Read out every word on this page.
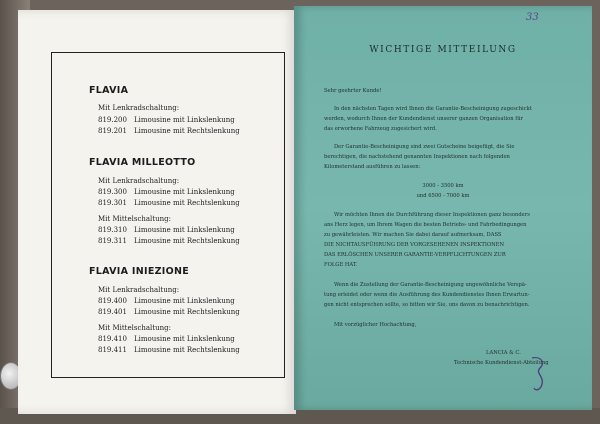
FLAVIA
Mit Lenkradschaltung:
819.200 Limousine mit Linkslenkung
819.201 Limousine mit Rechtslenkung
FLAVIA MILLEOTTO
Mit Lenkradschaltung:
819.300 Limousine mit Linkslenkung
819.301 Limousine mit Rechtslenkung
Mit Mittelschaltung:
819.310 Limousine mit Linkslenkung
819.311 Limousine mit Rechtslenkung
FLAVIA INIEZIONE
Mit Lenkradschaltung:
819.400 Limousine mit Linkslenkung
819.401 Limousine mit Rechtslenkung
Mit Mittelschaltung:
819.410 Limousine mit Linkslenkung
819.411 Limousine mit Rechtslenkung
33
WICHTIGE MITTEILUNG
Sehr geehrter Kunde!
In den nächsten Tagen wird Ihnen die Garantie-Bescheinigung zugeschickt
werden, wodurch Ihnen der Kundendienst unserer ganzen Organisation für
das erworbene Fahrzeug zugesichert wird.
Der Garantie-Bescheinigung sind zwei Gutscheine beigefügt, die Sie
berechtigen, die nachstehend genannten Inspektionen nach folgenden
Kilometerstand ausführen zu lassen:
3000 - 3500 km
und 6500 - 7000 km
Wir möchten Ihnen die Durchführung dieser Inspektionen ganz besonders
ans Herz legen, um Ihrem Wagen die besten Betriebs- und Fahrbedingungen
zu gewährleisten. Wir machen Sie dabei darauf aufmerksam, DASS
DIE NICHTAUSFÜHRUNG DER VORGESEHENEN INSPEKTIONEN
DAS ERLÖSCHEN UNSERER GARANTIE-VERPFLICHTUNGEN ZUR
FOLGE HAT.
Wenn die Zustellung der Garantie-Bescheinigung ungewöhnliche Verspä-
tung erleidet oder wenn die Ausführung des Kundendienstes Ihnen Erwartun-
gen nicht entsprechen sollte, so bitten wir Sie, uns davon zu benachrichtigen.
Mit vorzüglicher Hochachtung,
LANCIA & C.
Technische Kundendienst-Abteilung
